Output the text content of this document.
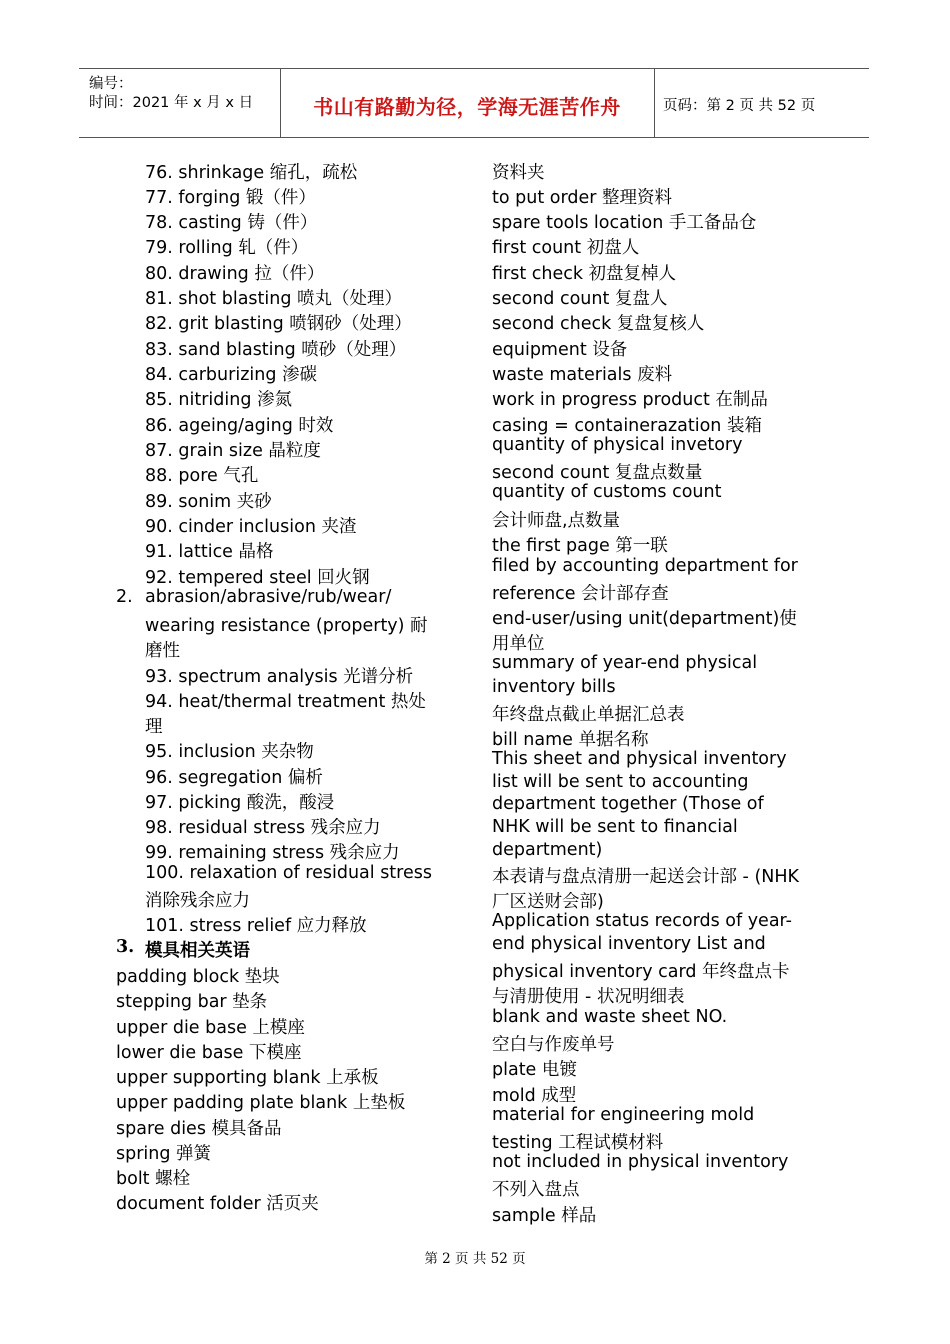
编号：
时间：2021 年 x 月 x 日	书山有路勤为径，学海无涯苦作舟	页码：第 2 页 共 52 页
76. shrinkage 缩孔，疏松
77. forging 锻（件）
78. casting 铸（件）
79. rolling 轧（件）
80. drawing 拉（件）
81. shot blasting 喷丸（处理）
82. grit blasting 喷钢砂（处理）
83. sand blasting 喷砂（处理）
84. carburizing 渗碳
85. nitriding 渗氮
86. ageing/aging 时效
87. grain size 晶粒度
88. pore 气孔
89. sonim 夹砂
90. cinder inclusion 夹渣
91. lattice 晶格
92. tempered steel 回火钢
2. abrasion/abrasive/rub/wear/
wearing resistance (property) 耐
磨性
93. spectrum analysis 光谱分析
94. heat/thermal treatment 热处
理
95. inclusion 夹杂物
96. segregation 偏析
97. picking 酸洗，酸浸
98. residual stress 残余应力
99. remaining stress 残余应力
100. relaxation of residual stress
消除残余应力
101. stress relief 应力释放
3. 模具相关英语
padding block 垫块
stepping bar 垫条
upper die base 上模座
lower die base 下模座
upper supporting blank 上承板
upper padding plate blank 上垫板
spare dies 模具备品
spring 弹簧
bolt 螺栓
document folder 活页夹
资料夹
to put order 整理资料
spare tools location 手工备品仓
first count 初盘人
first check 初盘复棹人
second count 复盘人
second check 复盘复核人
equipment 设备
waste materials 废料
work in progress product 在制品
casing = containerazation 装箱
quantity of physical invetory
second count 复盘点数量
quantity of customs count
会计师盘,点数量
the first page 第一联
filed by accounting department for
reference 会计部存查
end-user/using unit(department)使
用单位
summary of year-end physical
inventory bills
年终盘点截止单据汇总表
bill name 单据名称
This sheet and physical inventory
list will be sent to accounting
department together (Those of
NHK will be sent to financial
department)
本表请与盘点清册一起送会计部 - (NHK
厂区送财会部)
Application status records of year-
end physical inventory List and
physical inventory card 年终盘点卡
与清册使用 - 状况明细表
blank and waste sheet NO.
空白与作废单号
plate 电镀
mold 成型
material for engineering mold
testing 工程试模材料
not included in physical inventory
不列入盘点
sample 样品
第 2 页 共 52 页
